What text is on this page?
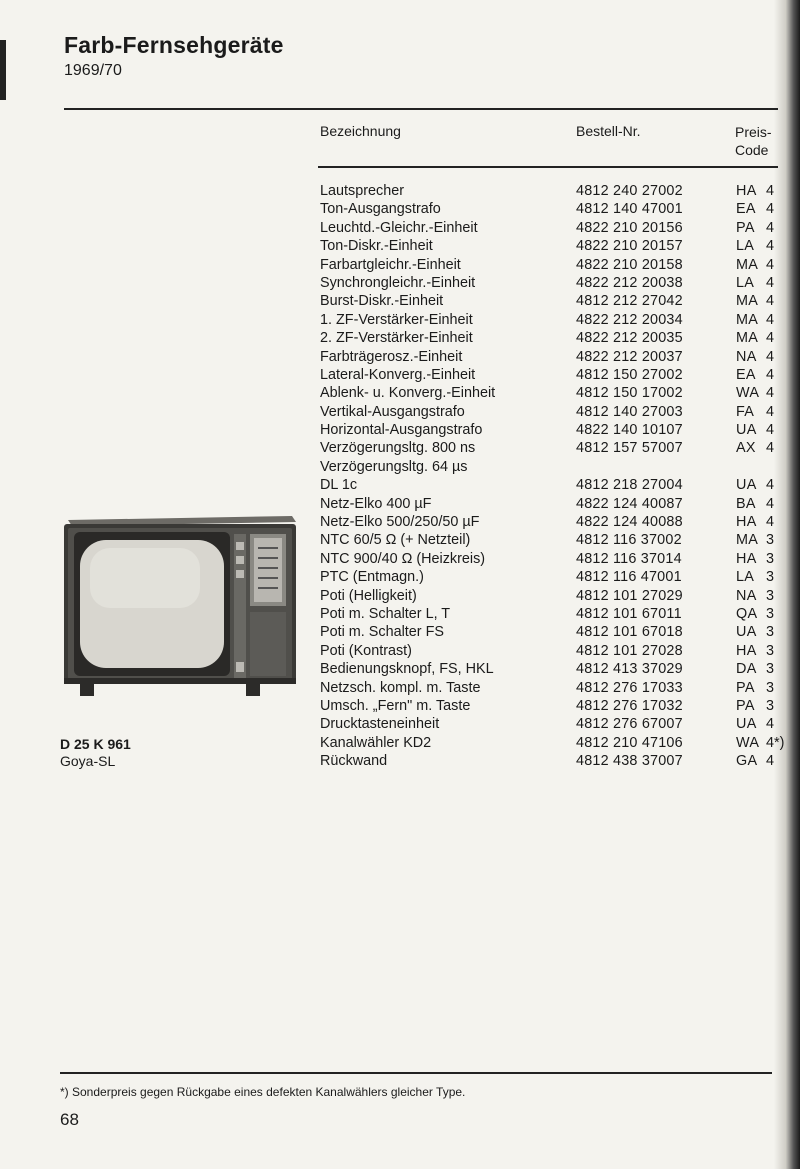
Farb-Fernsehgeräte
1969/70
Bezeichnung	Bestell-Nr.	Preis-
Code
Lautsprecher	4812 240 27002	HA 4
Ton-Ausgangstrafo	4812 140 47001	EA 4
Leuchtd.-Gleichr.-Einheit	4822 210 20156	PA 4
Ton-Diskr.-Einheit	4822 210 20157	LA 4
Farbartgleichr.-Einheit	4822 210 20158	MA 4
Synchrongleichr.-Einheit	4822 212 20038	LA 4
Burst-Diskr.-Einheit	4812 212 27042	MA 4
1. ZF-Verstärker-Einheit	4822 212 20034	MA 4
2. ZF-Verstärker-Einheit	4822 212 20035	MA 4
Farbträgerosz.-Einheit	4822 212 20037	NA 4
Lateral-Konverg.-Einheit	4812 150 27002	EA 4
Ablenk- u. Konverg.-Einheit	4812 150 17002	WA 4
Vertikal-Ausgangstrafo	4812 140 27003	FA 4
Horizontal-Ausgangstrafo	4822 140 10107	UA 4
Verzögerungsltg. 800 ns	4812 157 57007	AX 4
Verzögerungsltg. 64 µs
DL 1c	4812 218 27004	UA 4
Netz-Elko 400 µF	4822 124 40087	BA 4
Netz-Elko 500/250/50 µF	4822 124 40088	HA 4
NTC 60/5 Ω (+ Netzteil)	4812 116 37002	MA 3
NTC 900/40 Ω (Heizkreis)	4812 116 37014	HA 3
PTC (Entmagn.)	4812 116 47001	LA 3
Poti (Helligkeit)	4812 101 27029	NA 3
Poti m. Schalter L, T	4812 101 67011	QA 3
Poti m. Schalter FS	4812 101 67018	UA 3
Poti (Kontrast)	4812 101 27028	HA 3
Bedienungsknopf, FS, HKL	4812 413 37029	DA 3
Netzsch. kompl. m. Taste	4812 276 17033	PA 3
Umsch. „Fern" m. Taste	4812 276 17032	PA 3
Drucktasteneinheit	4812 276 67007	UA 4
Kanalwähler KD2	4812 210 47106	WA 4*)
Rückwand	4812 438 37007	GA 4
D 25 K 961
Goya-SL
*) Sonderpreis gegen Rückgabe eines defekten Kanalwählers gleicher Type.
68
